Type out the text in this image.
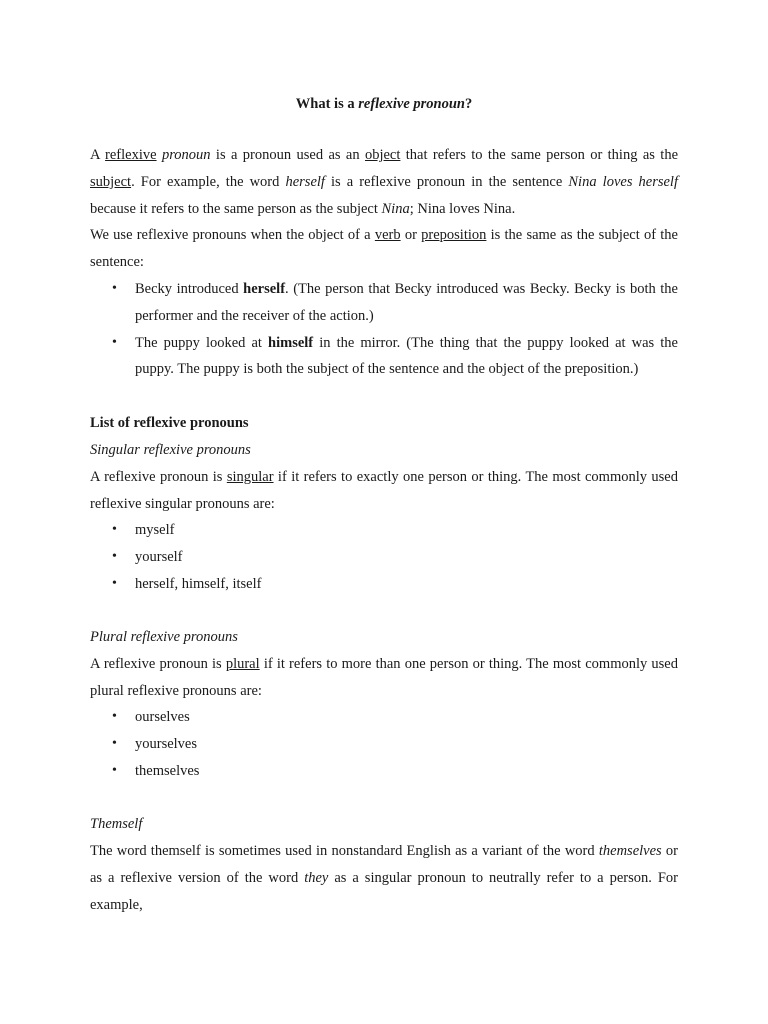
What is a reflexive pronoun?
A reflexive pronoun is a pronoun used as an object that refers to the same person or thing as the subject. For example, the word herself is a reflexive pronoun in the sentence Nina loves herself because it refers to the same person as the subject Nina; Nina loves Nina.
We use reflexive pronouns when the object of a verb or preposition is the same as the subject of the sentence:
• Becky introduced herself. (The person that Becky introduced was Becky. Becky is both the performer and the receiver of the action.)
• The puppy looked at himself in the mirror. (The thing that the puppy looked at was the puppy. The puppy is both the subject of the sentence and the object of the preposition.)
List of reflexive pronouns
Singular reflexive pronouns
A reflexive pronoun is singular if it refers to exactly one person or thing. The most commonly used reflexive singular pronouns are:
• myself
• yourself
• herself, himself, itself
Plural reflexive pronouns
A reflexive pronoun is plural if it refers to more than one person or thing. The most commonly used plural reflexive pronouns are:
• ourselves
• yourselves
• themselves
Themself
The word themself is sometimes used in nonstandard English as a variant of the word themselves or as a reflexive version of the word they as a singular pronoun to neutrally refer to a person. For example,
